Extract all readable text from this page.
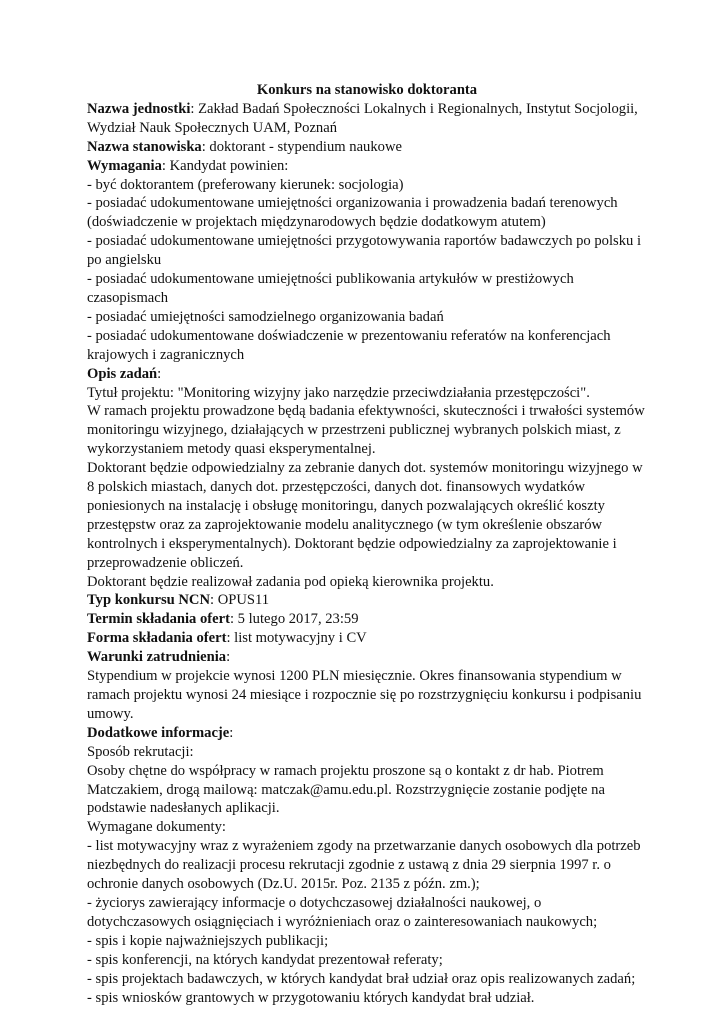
Konkurs na stanowisko doktoranta

Nazwa jednostki: Zakład Badań Społeczności Lokalnych i Regionalnych, Instytut Socjologii, Wydział Nauk Społecznych UAM, Poznań

Nazwa stanowiska: doktorant - stypendium naukowe

Wymagania: Kandydat powinien:

- być doktorantem (preferowany kierunek: socjologia)

- posiadać udokumentowane umiejętności organizowania i prowadzenia badań terenowych (doświadczenie w projektach międzynarodowych będzie dodatkowym atutem)

- posiadać udokumentowane umiejętności przygotowywania raportów badawczych po polsku i po angielsku

- posiadać udokumentowane umiejętności publikowania artykułów w prestiżowych czasopismach

- posiadać umiejętności samodzielnego organizowania badań

- posiadać udokumentowane doświadczenie w prezentowaniu referatów na konferencjach krajowych i zagranicznych

Opis zadań:

Tytuł projektu: "Monitoring wizyjny jako narzędzie przeciwdziałania przestępczości".

W ramach projektu prowadzone będą badania efektywności, skuteczności i trwałości systemów monitoringu wizyjnego, działających w przestrzeni publicznej wybranych polskich miast, z wykorzystaniem metody quasi eksperymentalnej.

Doktorant będzie odpowiedzialny za zebranie danych dot. systemów monitoringu wizyjnego w 8 polskich miastach, danych dot. przestępczości, danych dot. finansowych wydatków poniesionych na instalację i obsługę monitoringu, danych pozwalających określić koszty przestępstw oraz za zaprojektowanie modelu analitycznego (w tym określenie obszarów kontrolnych i eksperymentalnych). Doktorant będzie odpowiedzialny za zaprojektowanie i przeprowadzenie obliczeń.

Doktorant będzie realizował zadania pod opieką kierownika projektu.

Typ konkursu NCN: OPUS11

Termin składania ofert: 5 lutego 2017, 23:59

Forma składania ofert: list motywacyjny i CV

Warunki zatrudnienia:

Stypendium w projekcie wynosi 1200 PLN miesięcznie. Okres finansowania stypendium w ramach projektu wynosi 24 miesiące i rozpocznie się po rozstrzygnięciu konkursu i podpisaniu umowy.

Dodatkowe informacje:

Sposób rekrutacji:

Osoby chętne do współpracy w ramach projektu proszone są o kontakt z dr hab. Piotrem Matczakiem, drogą mailową: matczak@amu.edu.pl. Rozstrzygnięcie zostanie podjęte na podstawie nadesłanych aplikacji.

Wymagane dokumenty:

- list motywacyjny wraz z wyrażeniem zgody na przetwarzanie danych osobowych dla potrzeb niezbędnych do realizacji procesu rekrutacji zgodnie z ustawą z dnia 29 sierpnia 1997 r. o ochronie danych osobowych (Dz.U. 2015r. Poz. 2135 z późn. zm.);

- życiorys zawierający informacje o dotychczasowej działalności naukowej, o dotychczasowych osiągnięciach i wyróżnieniach oraz o zainteresowaniach naukowych;

- spis i kopie najważniejszych publikacji;

- spis konferencji, na których kandydat prezentował referaty;

- spis projektach badawczych, w których kandydat brał udział oraz opis realizowanych zadań;

- spis wniosków grantowych w przygotowaniu których kandydat brał udział.
